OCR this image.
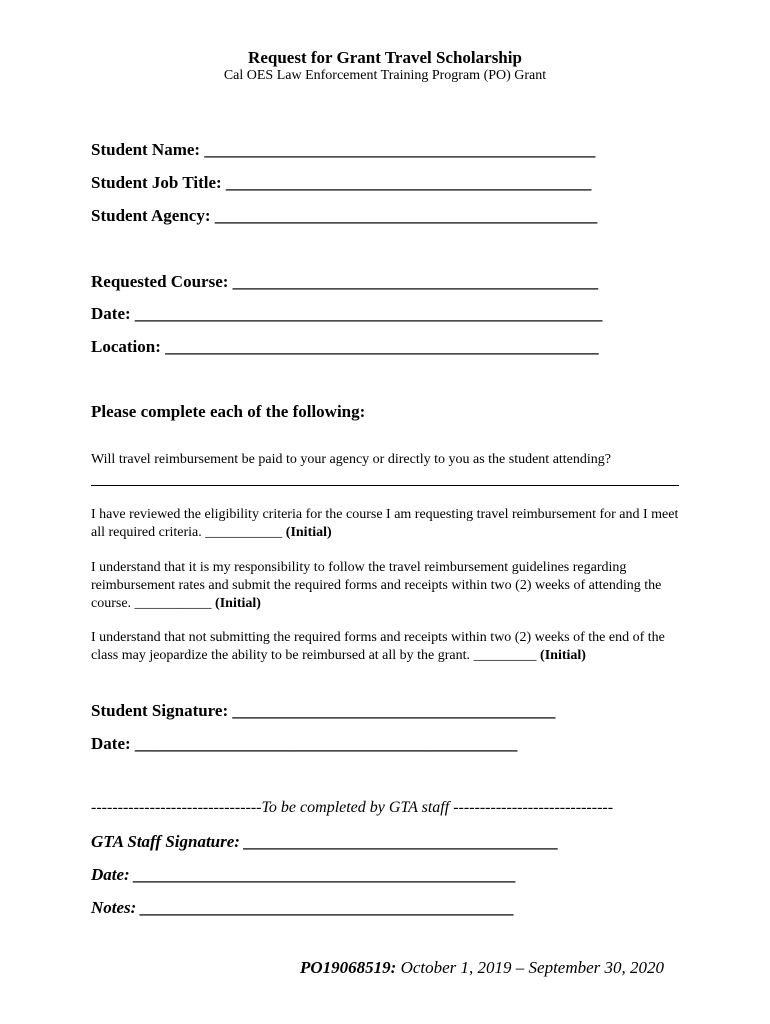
Request for Grant Travel Scholarship
Cal OES Law Enforcement Training Program (PO) Grant
Student Name: ______________________________________________
Student Job Title: ___________________________________________
Student Agency: _____________________________________________
Requested Course: ___________________________________________
Date: _______________________________________________________
Location: ___________________________________________________
Please complete each of the following:
Will travel reimbursement be paid to your agency or directly to you as the student attending?
I have reviewed the eligibility criteria for the course I am requesting travel reimbursement for and I meet all required criteria. ___________ (Initial)
I understand that it is my responsibility to follow the travel reimbursement guidelines regarding reimbursement rates and submit the required forms and receipts within two (2) weeks of attending the course. ___________ (Initial)
I understand that not submitting the required forms and receipts within two (2) weeks of the end of the class may jeopardize the ability to be reimbursed at all by the grant. _________ (Initial)
Student Signature: ______________________________________
Date: _____________________________________________
--------------------------------To be completed by GTA staff ------------------------------
GTA Staff Signature: _____________________________________
Date: _____________________________________________
Notes: ____________________________________________
PO19068519: October 1, 2019 – September 30, 2020
